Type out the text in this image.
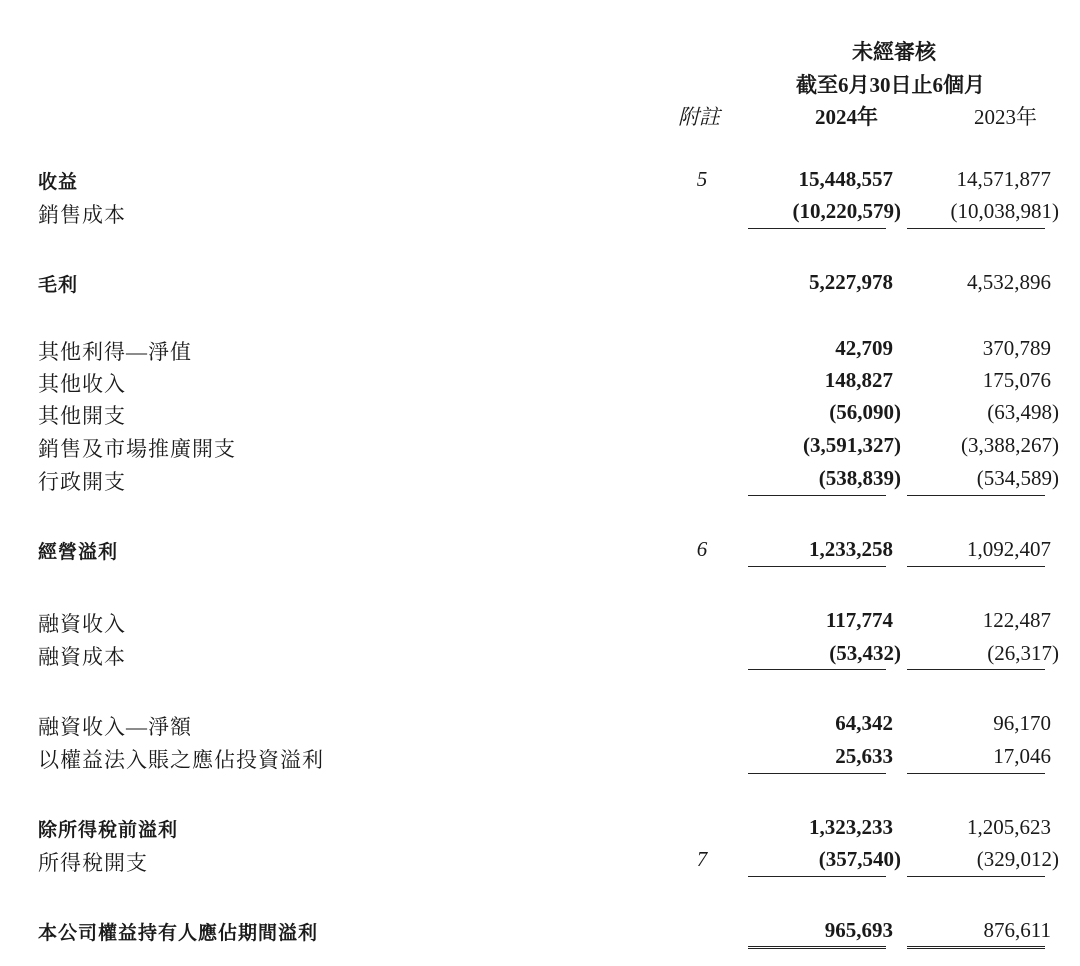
未經審核
截至6月30日止6個月
附註	2024年	2023年
收益	5	15,448,557	14,571,877
銷售成本	(10,220,579) (10,038,981)
毛利	5,227,978	4,532,896
其他利得—淨值	42,709	370,789
其他收入	148,827	175,076
其他開支	(56,090)	(63,498)
銷售及市場推廣開支	(3,591,327)	(3,388,267)
行政開支	(538,839)	(534,589)
經營溢利	6	1,233,258	1,092,407
融資收入	117,774	122,487
融資成本	(53,432)	(26,317)
融資收入—淨額	64,342	96,170
以權益法入賬之應佔投資溢利	25,633	17,046
除所得稅前溢利	1,323,233	1,205,623
所得稅開支	7	(357,540)	(329,012)
本公司權益持有人應佔期間溢利	965,693	876,611
